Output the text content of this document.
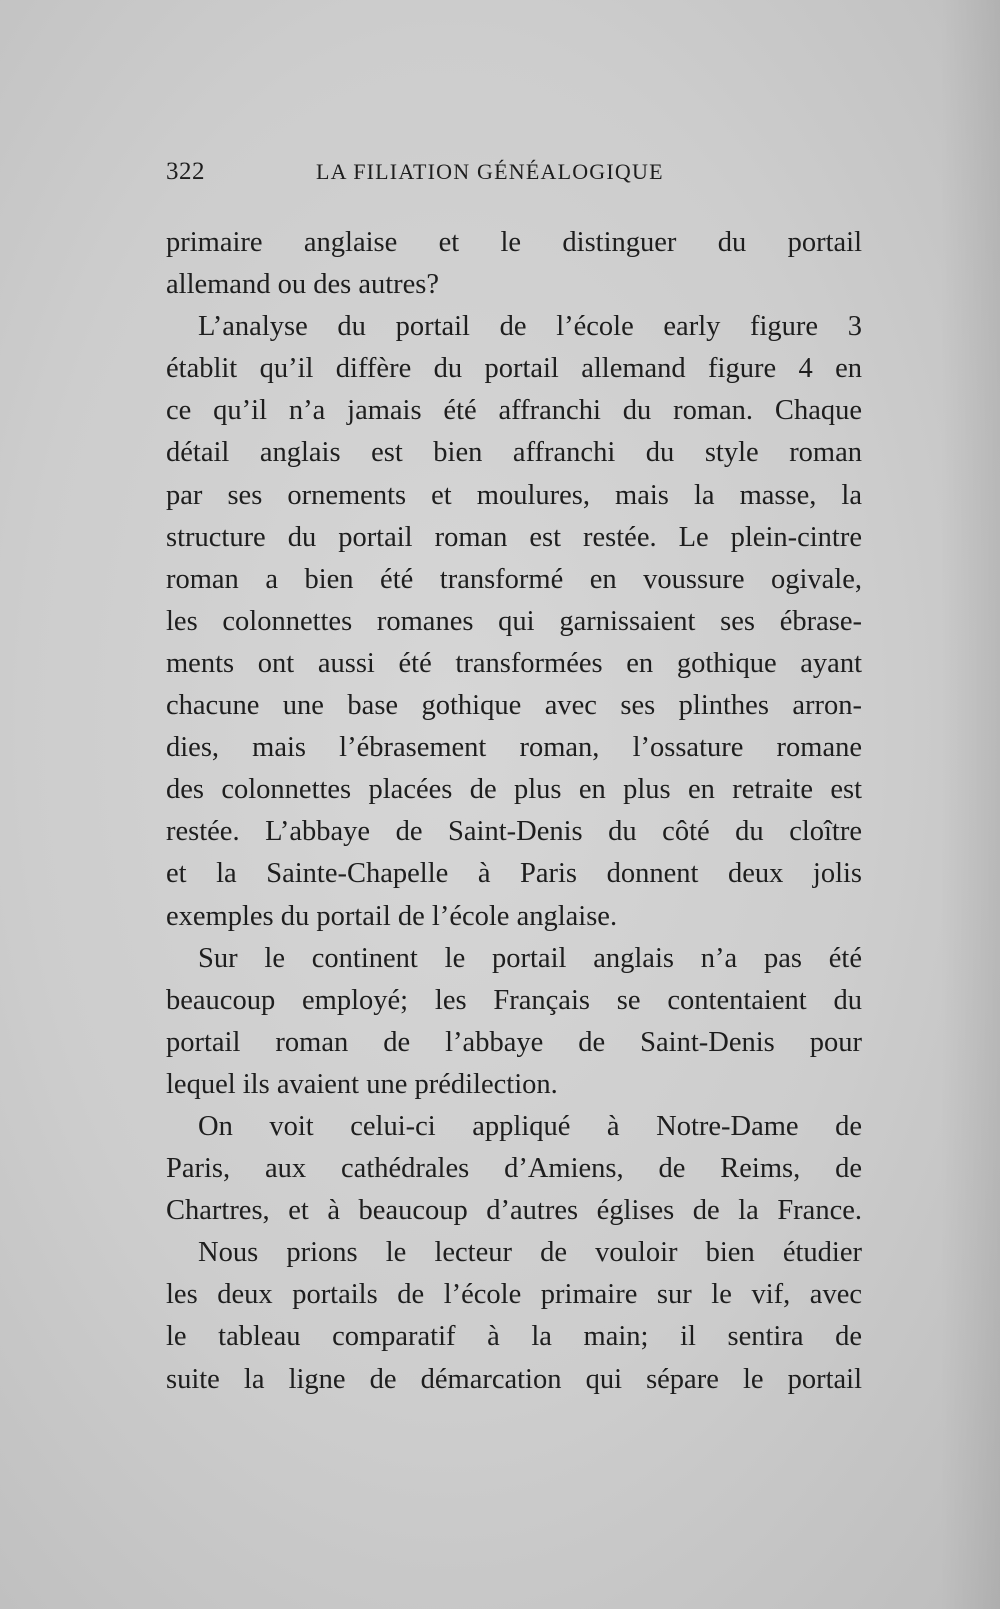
322	LA FILIATION GÉNÉALOGIQUE
primaire anglaise et le distinguer du portail
allemand ou des autres?
L’analyse du portail de l’école early figure 3
établit qu’il diffère du portail allemand figure 4 en
ce qu’il n’a jamais été affranchi du roman. Chaque
détail anglais est bien affranchi du style roman
par ses ornements et moulures, mais la masse, la
structure du portail roman est restée. Le plein-cintre
roman a bien été transformé en voussure ogivale,
les colonnettes romanes qui garnissaient ses ébrase-
ments ont aussi été transformées en gothique ayant
chacune une base gothique avec ses plinthes arron-
dies, mais l’ébrasement roman, l’ossature romane
des colonnettes placées de plus en plus en retraite est
restée. L’abbaye de Saint-Denis du côté du cloître
et la Sainte-Chapelle à Paris donnent deux jolis
exemples du portail de l’école anglaise.
Sur le continent le portail anglais n’a pas été
beaucoup employé; les Français se contentaient du
portail roman de l’abbaye de Saint-Denis pour
lequel ils avaient une prédilection.
On voit celui-ci appliqué à Notre-Dame de
Paris, aux cathédrales d’Amiens, de Reims, de
Chartres, et à beaucoup d’autres églises de la France.
Nous prions le lecteur de vouloir bien étudier
les deux portails de l’école primaire sur le vif, avec
le tableau comparatif à la main; il sentira de
suite la ligne de démarcation qui sépare le portail
